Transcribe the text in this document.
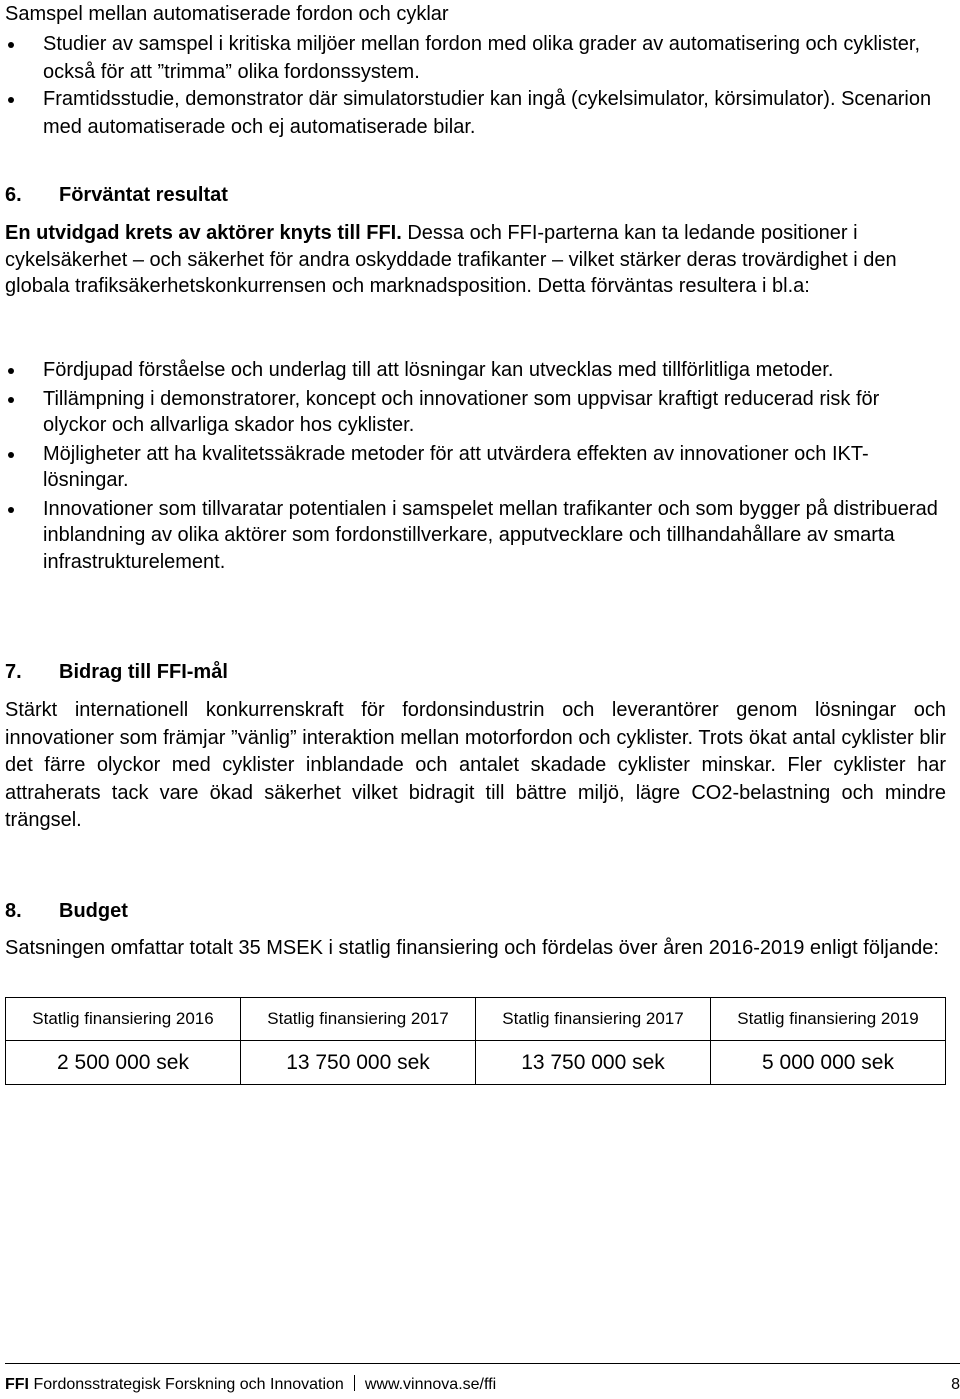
Samspel mellan automatiserade fordon och cyklar
Studier av samspel i kritiska miljöer mellan fordon med olika grader av automatisering och cyklister, också för att ”trimma” olika fordonssystem.
Framtidsstudie, demonstrator där simulatorstudier kan ingå (cykelsimulator, körsimulator). Scenarion med automatiserade och ej automatiserade bilar.
6. Förväntat resultat
En utvidgad krets av aktörer knyts till FFI. Dessa och FFI-parterna kan ta ledande positioner i cykelsäkerhet – och säkerhet för andra oskyddade trafikanter – vilket stärker deras trovärdighet i den globala trafiksäkerhetskonkurrensen och marknadsposition. Detta förväntas resultera i bl.a:
Fördjupad förståelse och underlag till att lösningar kan utvecklas med tillförlitliga metoder.
Tillämpning i demonstratorer, koncept och innovationer som uppvisar kraftigt reducerad risk för olyckor och allvarliga skador hos cyklister.
Möjligheter att ha kvalitetssäkrade metoder för att utvärdera effekten av innovationer och IKT-lösningar.
Innovationer som tillvaratar potentialen i samspelet mellan trafikanter och som bygger på distribuerad inblandning av olika aktörer som fordonstillverkare, apputvecklare och tillhandahållare av smarta infrastrukturelement.
7. Bidrag till FFI-mål
Stärkt internationell konkurrenskraft för fordonsindustrin och leverantörer genom lösningar och innovationer som främjar ”vänlig” interaktion mellan motorfordon och cyklister. Trots ökat antal cyklister blir det färre olyckor med cyklister inblandade och antalet skadade cyklister minskar. Fler cyklister har attraherats tack vare ökad säkerhet vilket bidragit till bättre miljö, lägre CO2-belastning och mindre trängsel.
8. Budget
Satsningen omfattar totalt 35 MSEK i statlig finansiering och fördelas över åren 2016-2019 enligt följande:
Statlig finansiering 2016	Statlig finansiering 2017	Statlig finansiering 2017	Statlig finansiering 2019
2 500 000 sek	13 750 000 sek	13 750 000 sek	5 000 000 sek
FFI Fordonsstrategisk Forskning och Innovation www.vinnova.se/ffi	8
